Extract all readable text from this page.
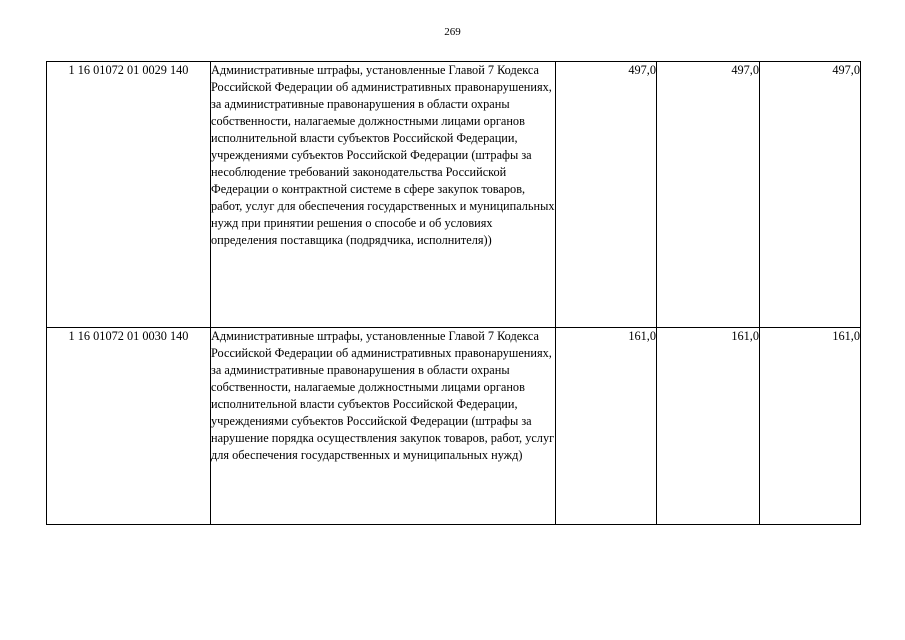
269
1 16 01072 01 0029 140	Административные штрафы, установленные Главой 7 Кодекса Российской Федерации об административных правонарушениях, за административные правонарушения в области охраны собственности, налагаемые должностными лицами органов исполнительной власти субъектов Российской Федерации, учреждениями субъектов Российской Федерации (штрафы за несоблюдение требований законодательства Российской Федерации о контрактной системе в сфере закупок товаров, работ, услуг для обеспечения государственных и муниципальных нужд при принятии решения о способе и об условиях определения поставщика (подрядчика, исполнителя))	497,0	497,0	497,0
1 16 01072 01 0030 140	Административные штрафы, установленные Главой 7 Кодекса Российской Федерации об административных правонарушениях, за административные правонарушения в области охраны собственности, налагаемые должностными лицами органов исполнительной власти субъектов Российской Федерации, учреждениями субъектов Российской Федерации (штрафы за нарушение порядка осуществления закупок товаров, работ, услуг для обеспечения государственных и муниципальных нужд)	161,0	161,0	161,0
